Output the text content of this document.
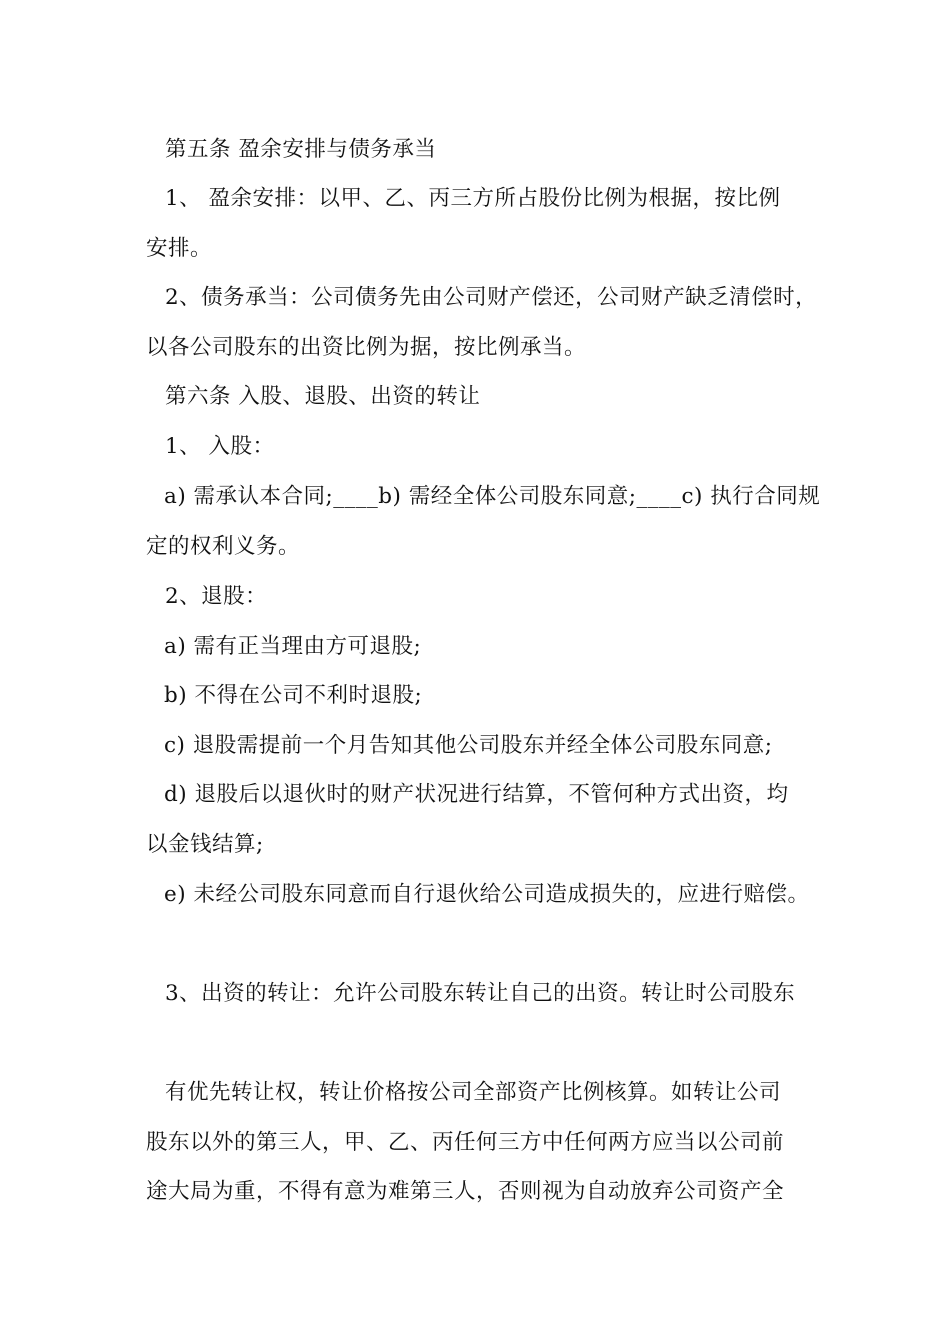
第五条 盈余安排与债务承当
1、 盈余安排：以甲、乙、丙三方所占股份比例为根据，按比例
安排。
2、债务承当：公司债务先由公司财产偿还，公司财产缺乏清偿时，
以各公司股东的出资比例为据，按比例承当。
第六条 入股、退股、出资的转让
1、 入股：
a) 需承认本合同;____b) 需经全体公司股东同意;____c) 执行合同规
定的权利义务。
2、退股：
a) 需有正当理由方可退股;
b) 不得在公司不利时退股;
c) 退股需提前一个月告知其他公司股东并经全体公司股东同意;
d) 退股后以退伙时的财产状况进行结算，不管何种方式出资，均
以金钱结算;
e) 未经公司股东同意而自行退伙给公司造成损失的，应进行赔偿。
3、出资的转让：允许公司股东转让自己的出资。转让时公司股东
有优先转让权，转让价格按公司全部资产比例核算。如转让公司
股东以外的第三人，甲、乙、丙任何三方中任何两方应当以公司前
途大局为重，不得有意为难第三人，否则视为自动放弃公司资产全
